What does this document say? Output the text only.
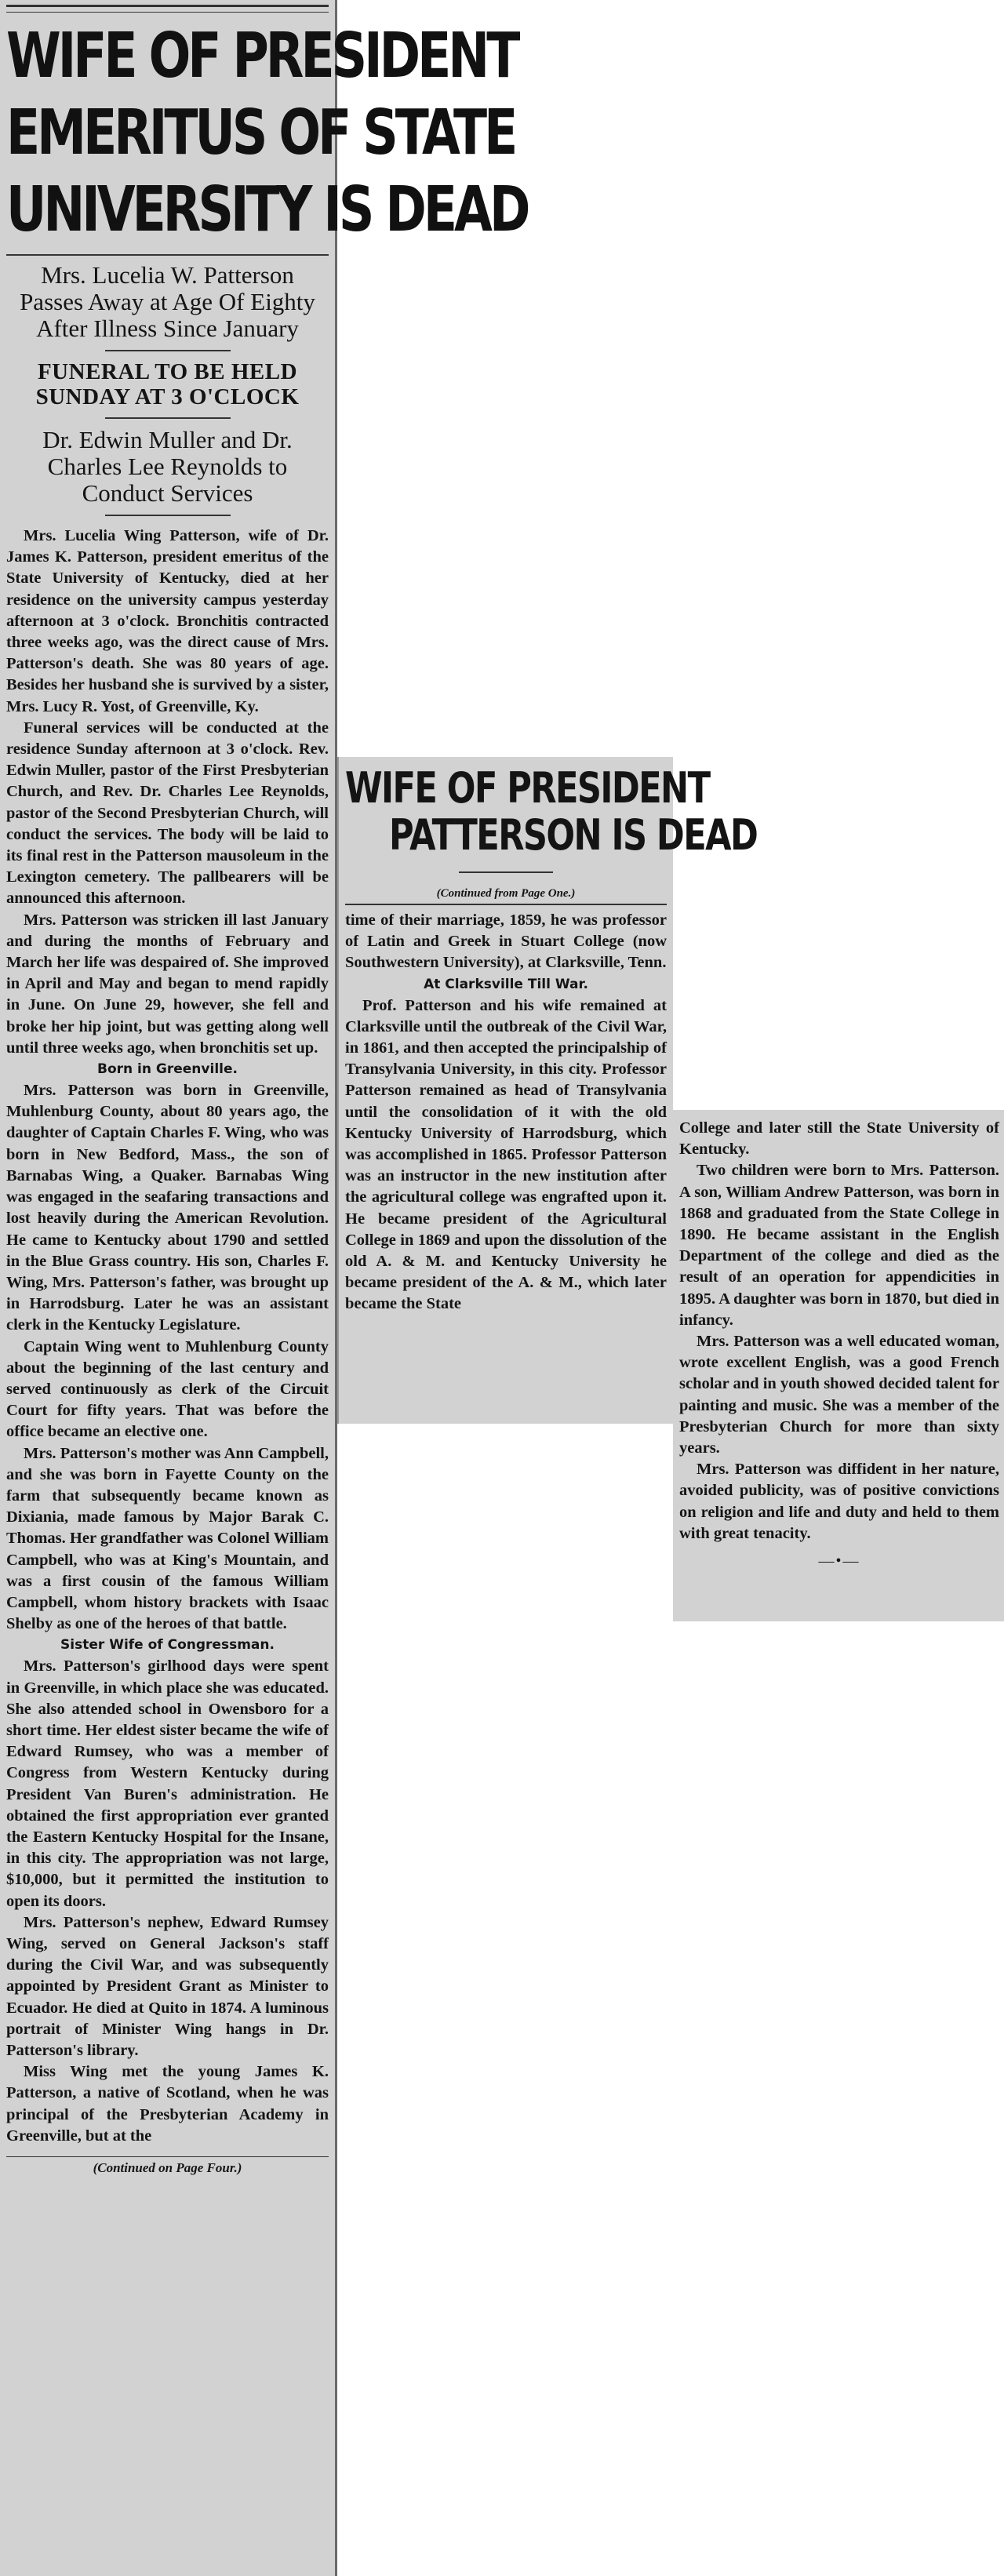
WIFE OF PRESIDENT
EMERITUS OF STATE
UNIVERSITY IS DEAD
Mrs. Lucelia W. Patterson Passes Away at Age Of Eighty After Illness Since January
FUNERAL TO BE HELD SUNDAY AT 3 O'CLOCK
Dr. Edwin Muller and Dr. Charles Lee Reynolds to Conduct Services

Mrs. Lucelia Wing Patterson, wife of Dr. James K. Patterson, president emeritus of the State University of Kentucky, died at her residence on the university campus yesterday afternoon at 3 o'clock. Bronchitis contracted three weeks ago, was the direct cause of Mrs. Patterson's death. She was 80 years of age. Besides her husband she is survived by a sister, Mrs. Lucy R. Yost, of Greenville, Ky.

Funeral services will be conducted at the residence Sunday afternoon at 3 o'clock. Rev. Edwin Muller, pastor of the First Presbyterian Church, and Rev. Dr. Charles Lee Reynolds, pastor of the Second Presbyterian Church, will conduct the services. The body will be laid to its final rest in the Patterson mausoleum in the Lexington cemetery. The pallbearers will be announced this afternoon.

Mrs. Patterson was stricken ill last January and during the months of February and March her life was despaired of. She improved in April and May and began to mend rapidly in June. On June 29, however, she fell and broke her hip joint, but was getting along well until three weeks ago, when bronchitis set up.

Born in Greenville.

Mrs. Patterson was born in Greenville, Muhlenburg County, about 80 years ago, the daughter of Captain Charles F. Wing, who was born in New Bedford, Mass., the son of Barnabas Wing, a Quaker. Barnabas Wing was engaged in the seafaring transactions and lost heavily during the American Revolution. He came to Kentucky about 1790 and settled in the Blue Grass country. His son, Charles F. Wing, Mrs. Patterson's father, was brought up in Harrodsburg. Later he was an assistant clerk in the Kentucky Legislature.

Captain Wing went to Muhlenburg County about the beginning of the last century and served continuously as clerk of the Circuit Court for fifty years. That was before the office became an elective one.

Mrs. Patterson's mother was Ann Campbell, and she was born in Fayette County on the farm that subsequently became known as Dixiania, made famous by Major Barak C. Thomas. Her grandfather was Colonel William Campbell, who was at King's Mountain, and was a first cousin of the famous William Campbell, whom history brackets with Isaac Shelby as one of the heroes of that battle.

Sister Wife of Congressman.

Mrs. Patterson's girlhood days were spent in Greenville, in which place she was educated. She also attended school in Owensboro for a short time. Her eldest sister became the wife of Edward Rumsey, who was a member of Congress from Western Kentucky during President Van Buren's administration. He obtained the first appropriation ever granted the Eastern Kentucky Hospital for the Insane, in this city. The appropriation was not large, $10,000, but it permitted the institution to open its doors.

Mrs. Patterson's nephew, Edward Rumsey Wing, served on General Jackson's staff during the Civil War, and was subsequently appointed by President Grant as Minister to Ecuador. He died at Quito in 1874. A luminous portrait of Minister Wing hangs in Dr. Patterson's library.

Miss Wing met the young James K. Patterson, a native of Scotland, when he was principal of the Presbyterian Academy in Greenville, but at the

(Continued on Page Four.)
WIFE OF PRESIDENT
PATTERSON IS DEAD
(Continued from Page One.)

time of their marriage, 1859, he was professor of Latin and Greek in Stuart College (now Southwestern University), at Clarksville, Tenn.

At Clarksville Till War.

Prof. Patterson and his wife remained at Clarksville until the outbreak of the Civil War, in 1861, and then accepted the principalship of Transylvania University, in this city. Professor Patterson remained as head of Transylvania until the consolidation of it with the old Kentucky University of Harrodsburg, which was accomplished in 1865. Professor Patterson was an instructor in the new institution after the agricultural college was engrafted upon it. He became president of the Agricultural College in 1869 and upon the dissolution of the old A. & M. and Kentucky University he became president of the A. & M., which later became the State

College and later still the State University of Kentucky.

Two children were born to Mrs. Patterson. A son, William Andrew Patterson, was born in 1868 and graduated from the State College in 1890. He became assistant in the English Department of the college and died as the result of an operation for appendicities in 1895. A daughter was born in 1870, but died in infancy.

Mrs. Patterson was a well educated woman, wrote excellent English, was a good French scholar and in youth showed decided talent for painting and music. She was a member of the Presbyterian Church for more than sixty years.

Mrs. Patterson was diffident in her nature, avoided publicity, was of positive convictions on religion and life and duty and held to them with great tenacity.

—•—
